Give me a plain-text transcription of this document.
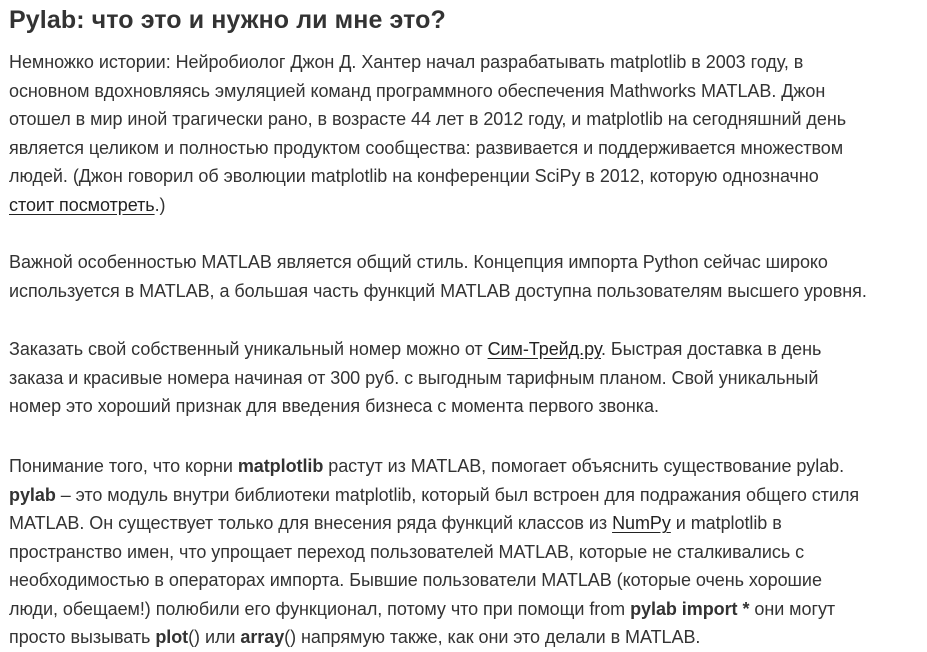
Pylab: что это и нужно ли мне это?

Немножко истории: Нейробиолог Джон Д. Хантер начал разрабатывать matplotlib в 2003 году, в
основном вдохновляясь эмуляцией команд программного обеспечения Mathworks MATLAB. Джон
отошел в мир иной трагически рано, в возрасте 44 лет в 2012 году, и matplotlib на сегодняшний день
является целиком и полностью продуктом сообщества: развивается и поддерживается множеством
людей. (Джон говорил об эволюции matplotlib на конференции SciPy в 2012, которую однозначно
стоит посмотреть.)

Важной особенностью MATLAB является общий стиль. Концепция импорта Python сейчас широко
используется в MATLAB, а большая часть функций MATLAB доступна пользователям высшего уровня.

Заказать свой собственный уникальный номер можно от Сим-Трейд.ру. Быстрая доставка в день
заказа и красивые номера начиная от 300 руб. с выгодным тарифным планом. Свой уникальный
номер это хороший признак для введения бизнеса с момента первого звонка.

Понимание того, что корни matplotlib растут из MATLAB, помогает объяснить существование pylab.
pylab – это модуль внутри библиотеки matplotlib, который был встроен для подражания общего стиля
MATLAB. Он существует только для внесения ряда функций классов из NumPy и matplotlib в
пространство имен, что упрощает переход пользователей MATLAB, которые не сталкивались с
необходимостью в операторах импорта. Бывшие пользователи MATLAB (которые очень хорошие
люди, обещаем!) полюбили его функционал, потому что при помощи from pylab import * они могут
просто вызывать plot() или array() напрямую также, как они это делали в MATLAB.
